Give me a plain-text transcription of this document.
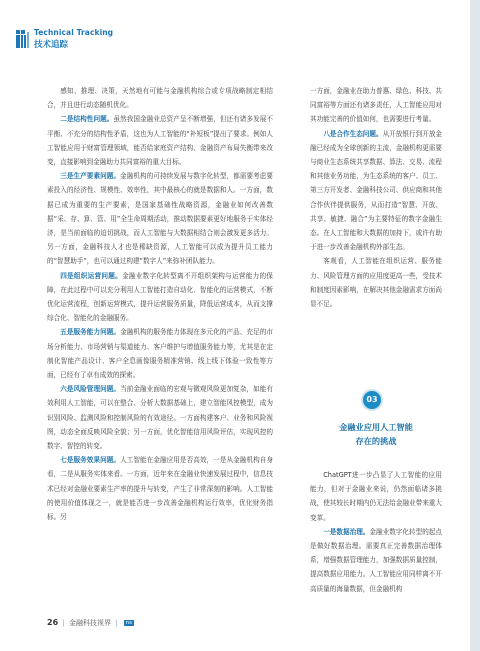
Technical Tracking
技术追踪

感知、推理、决策，天然地有可能与金融机构综合或专项战略制定相结合，并且进行动态随机优化。

二是结构性问题。虽然我国金融业总资产呈不断增强，但还有诸多发展不平衡、不充分的结构性矛盾，这也为人工智能的“补短板”提出了要求。例如人工智能应用于财富管理领域，能否给家庭资产结构、金融资产布局失衡带来改变，直接影响到金融助力共同富裕的重大目标。

三是生产要素问题。金融机构的可持续发展与数字化转型，都需要考虑要素投入的经济性、规模性、效率性，其中最核心的就是数据和人。一方面，数据已成为重要的生产要素，是国家基础性战略资源，金融业如何改善数据“采、存、算、管、用”全生命周期活动，推动数据要素更好地服务于实体经济，是当前面临的迫切挑战，而人工智能与大数据相结合则会激发更多活力。另一方面，金融科技人才也是稀缺资源，人工智能可以成为提升员工能力的“智慧助手”，也可以通过构建“数字人”来弥补团队能力。

四是组织运营问题。金融业数字化转型离不开组织架构与运营能力的保障，在此过程中可以充分利用人工智能打造自动化、智能化的运营模式，不断优化运营流程，创新运营模式，提升运营服务质量，降低运营成本，从而支撑综合化、智能化的金融服务。

五是服务能力问题。金融机构的服务能力体现在多元化的产品、充足的市场分析能力、市场营销与渠道能力、客户维护与增值服务能力等，尤其是在定制化智能产品设计、客户全息画像服务精准营销、线上线下体验一致性等方面，已经有了卓有成效的探索。

六是风险管理问题。当前金融业面临的宏观与微观风险更加复杂，如能有效利用人工智能，可以在整合、分析大数据基础上，建立智能风控模型，成为识别风险、监测风险和控制风险的有效途径。一方面构建客户、业务和风险视图，动态全面反映风险全貌；另一方面，优化智能信用风险评估，实现风控的数字、智控的转变。

七是服务效果问题。人工智能在金融应用是否高效，一是从金融机构自身看，二是从服务实体来看。一方面，近年来在金融业快速发展过程中，信息技术已经对金融业要素生产率的提升与转变，产生了非常深刻的影响。人工智能的使用价值体现之一，就是能否进一步改善金融机构运行效率，优化财务指标。另

一方面，金融业在助力普惠、绿色、科技、共同富裕等方面还有诸多责任，人工智能应用对其功能完善的价值如何，也需要进行考量。

八是合作生态问题。从开放银行到开放金融已经成为全球创新的主流，金融机构更需要与商业生态系统共享数据、算法、交易、流程和其他业务功能，为生态系统的客户、员工、第三方开发者、金融科技公司、供应商和其他合作伙伴提供服务，从而打造“智慧、开放、共享、敏捷、融合”为主要特征的数字金融生态。在人工智能和大数据的加持下，或许有助于进一步改善金融机构外部生态。

客观看，人工智能在组织运营、服务能力、风险管理方面的应用度更高一些，受技术和制度因素影响，在解决其他金融需求方面尚显不足。

03
金融业应用人工智能
存在的挑战

ChatGPT进一步凸显了人工智能的应用能力，但对于金融业来说，仍然面临诸多挑战，使其较长时期内仍无法给金融业带来重大变革。

一是数据治理。金融业数字化转型的起点是做好数据治理。需要真正完善数据治理体系，增强数据管理能力，加强数据质量控制，提高数据应用能力。人工智能应用同样离不开高质量的海量数据，但金融机构

26 | 金融科技视界 | ns
